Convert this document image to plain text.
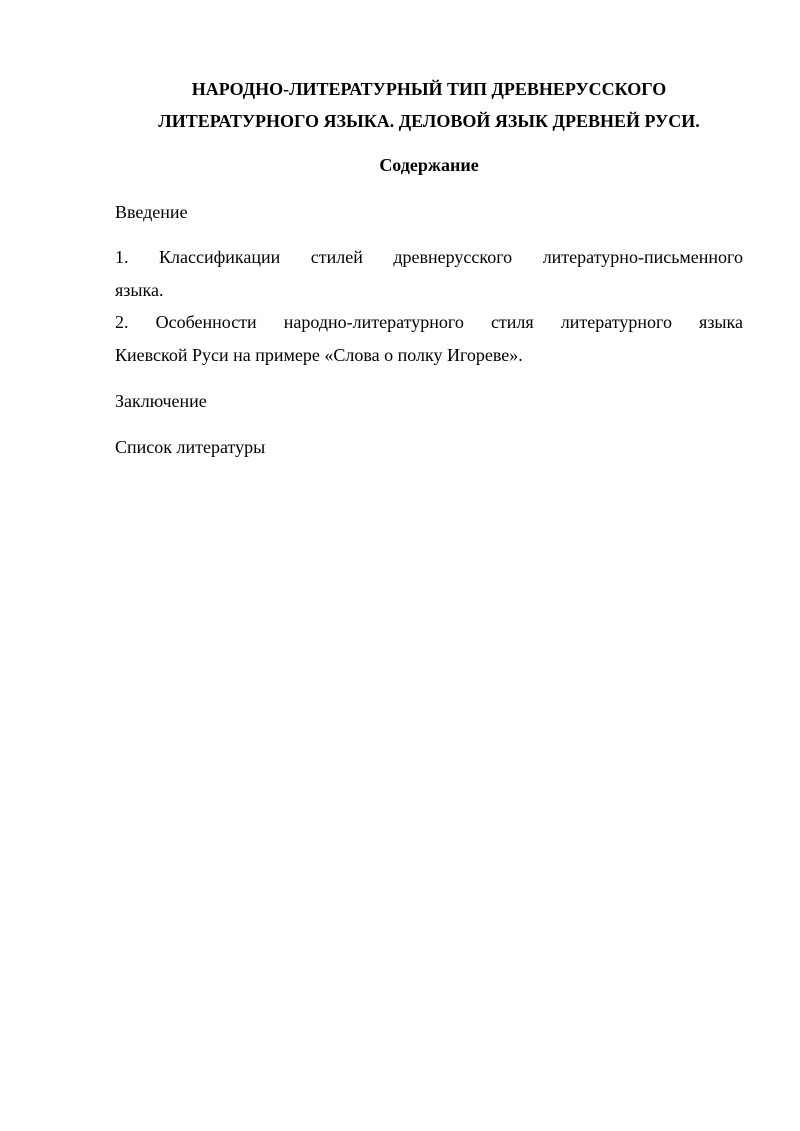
НАРОДНО-ЛИТЕРАТУРНЫЙ ТИП ДРЕВНЕРУССКОГО
ЛИТЕРАТУРНОГО ЯЗЫКА. ДЕЛОВОЙ ЯЗЫК ДРЕВНЕЙ РУСИ.
Содержание

Введение

1. Классификации стилей древнерусского литературно-письменного
языка.
2. Особенности народно-литературного стиля литературного языка
Киевской Руси на примере «Слова о полку Игореве».

Заключение

Список литературы
